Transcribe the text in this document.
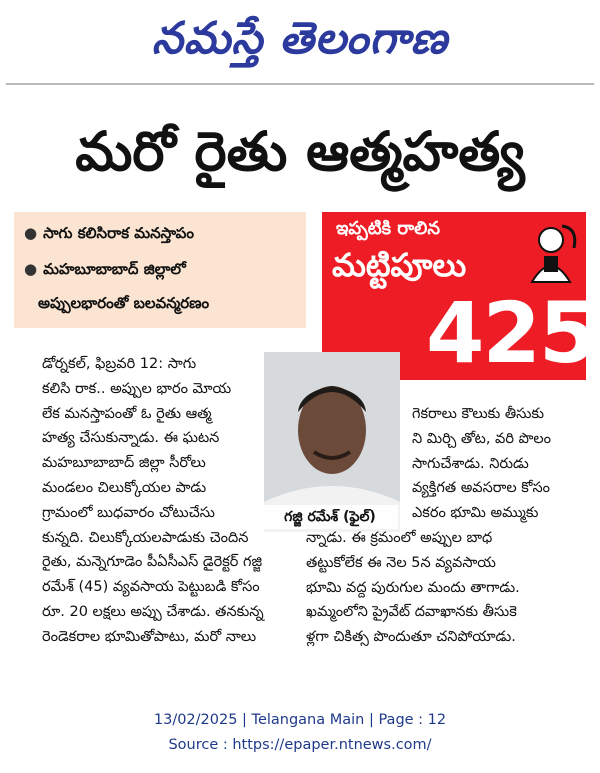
నమస్తే తెలంగాణ
మరో రైతు ఆత్మహత్య
● సాగు కలిసిరాక మనస్తాపం
● మహబూబాబాద్ జిల్లాలో
అప్పులభారంతో బలవన్మరణం
ఇప్పటికి రాలిన
మట్టిపూలు
425
డోర్నకల్, ఫిబ్రవరి 12: సాగు
కలిసి రాక.. అప్పుల భారం మోయ
లేక మనస్తాపంతో ఓ రైతు ఆత్మ
హత్య చేసుకున్నాడు. ఈ ఘటన
మహబూబాబాద్ జిల్లా సీరోలు
మండలం చిలుక్కోయల పాడు
గ్రామంలో బుధవారం చోటుచేసు
కున్నది. చిలుక్కోయలపాడుకు చెందిన
రైతు, మన్నెగూడెం పీఏసీఎస్ డైరెక్టర్ గజ్జి
రమేశ్ (45) వ్యవసాయ పెట్టుబడి కోసం
రూ. 20 లక్షలు అప్పు చేశాడు. తనకున్న
రెండెకరాల భూమితోపాటు, మరో నాలు
గజ్జి రమేశ్ (ఫైల్)
గెకరాలు కౌలుకు తీసుకు
ని మిర్చి తోట, వరి పొలం
సాగుచేశాడు. నిరుడు
వ్యక్తిగత అవసరాల కోసం
ఎకరం భూమి అమ్ముకు
న్నాడు. ఈ క్రమంలో అప్పుల బాధ
తట్టుకోలేక ఈ నెల 5న వ్యవసాయ
భూమి వద్ద పురుగుల మందు తాగాడు.
ఖమ్మంలోని ప్రైవేట్ దవాఖానకు తీసుకె
ళ్లగా చికిత్స పొందుతూ చనిపోయాడు.
13/02/2025 | Telangana Main | Page : 12
Source : https://epaper.ntnews.com/
